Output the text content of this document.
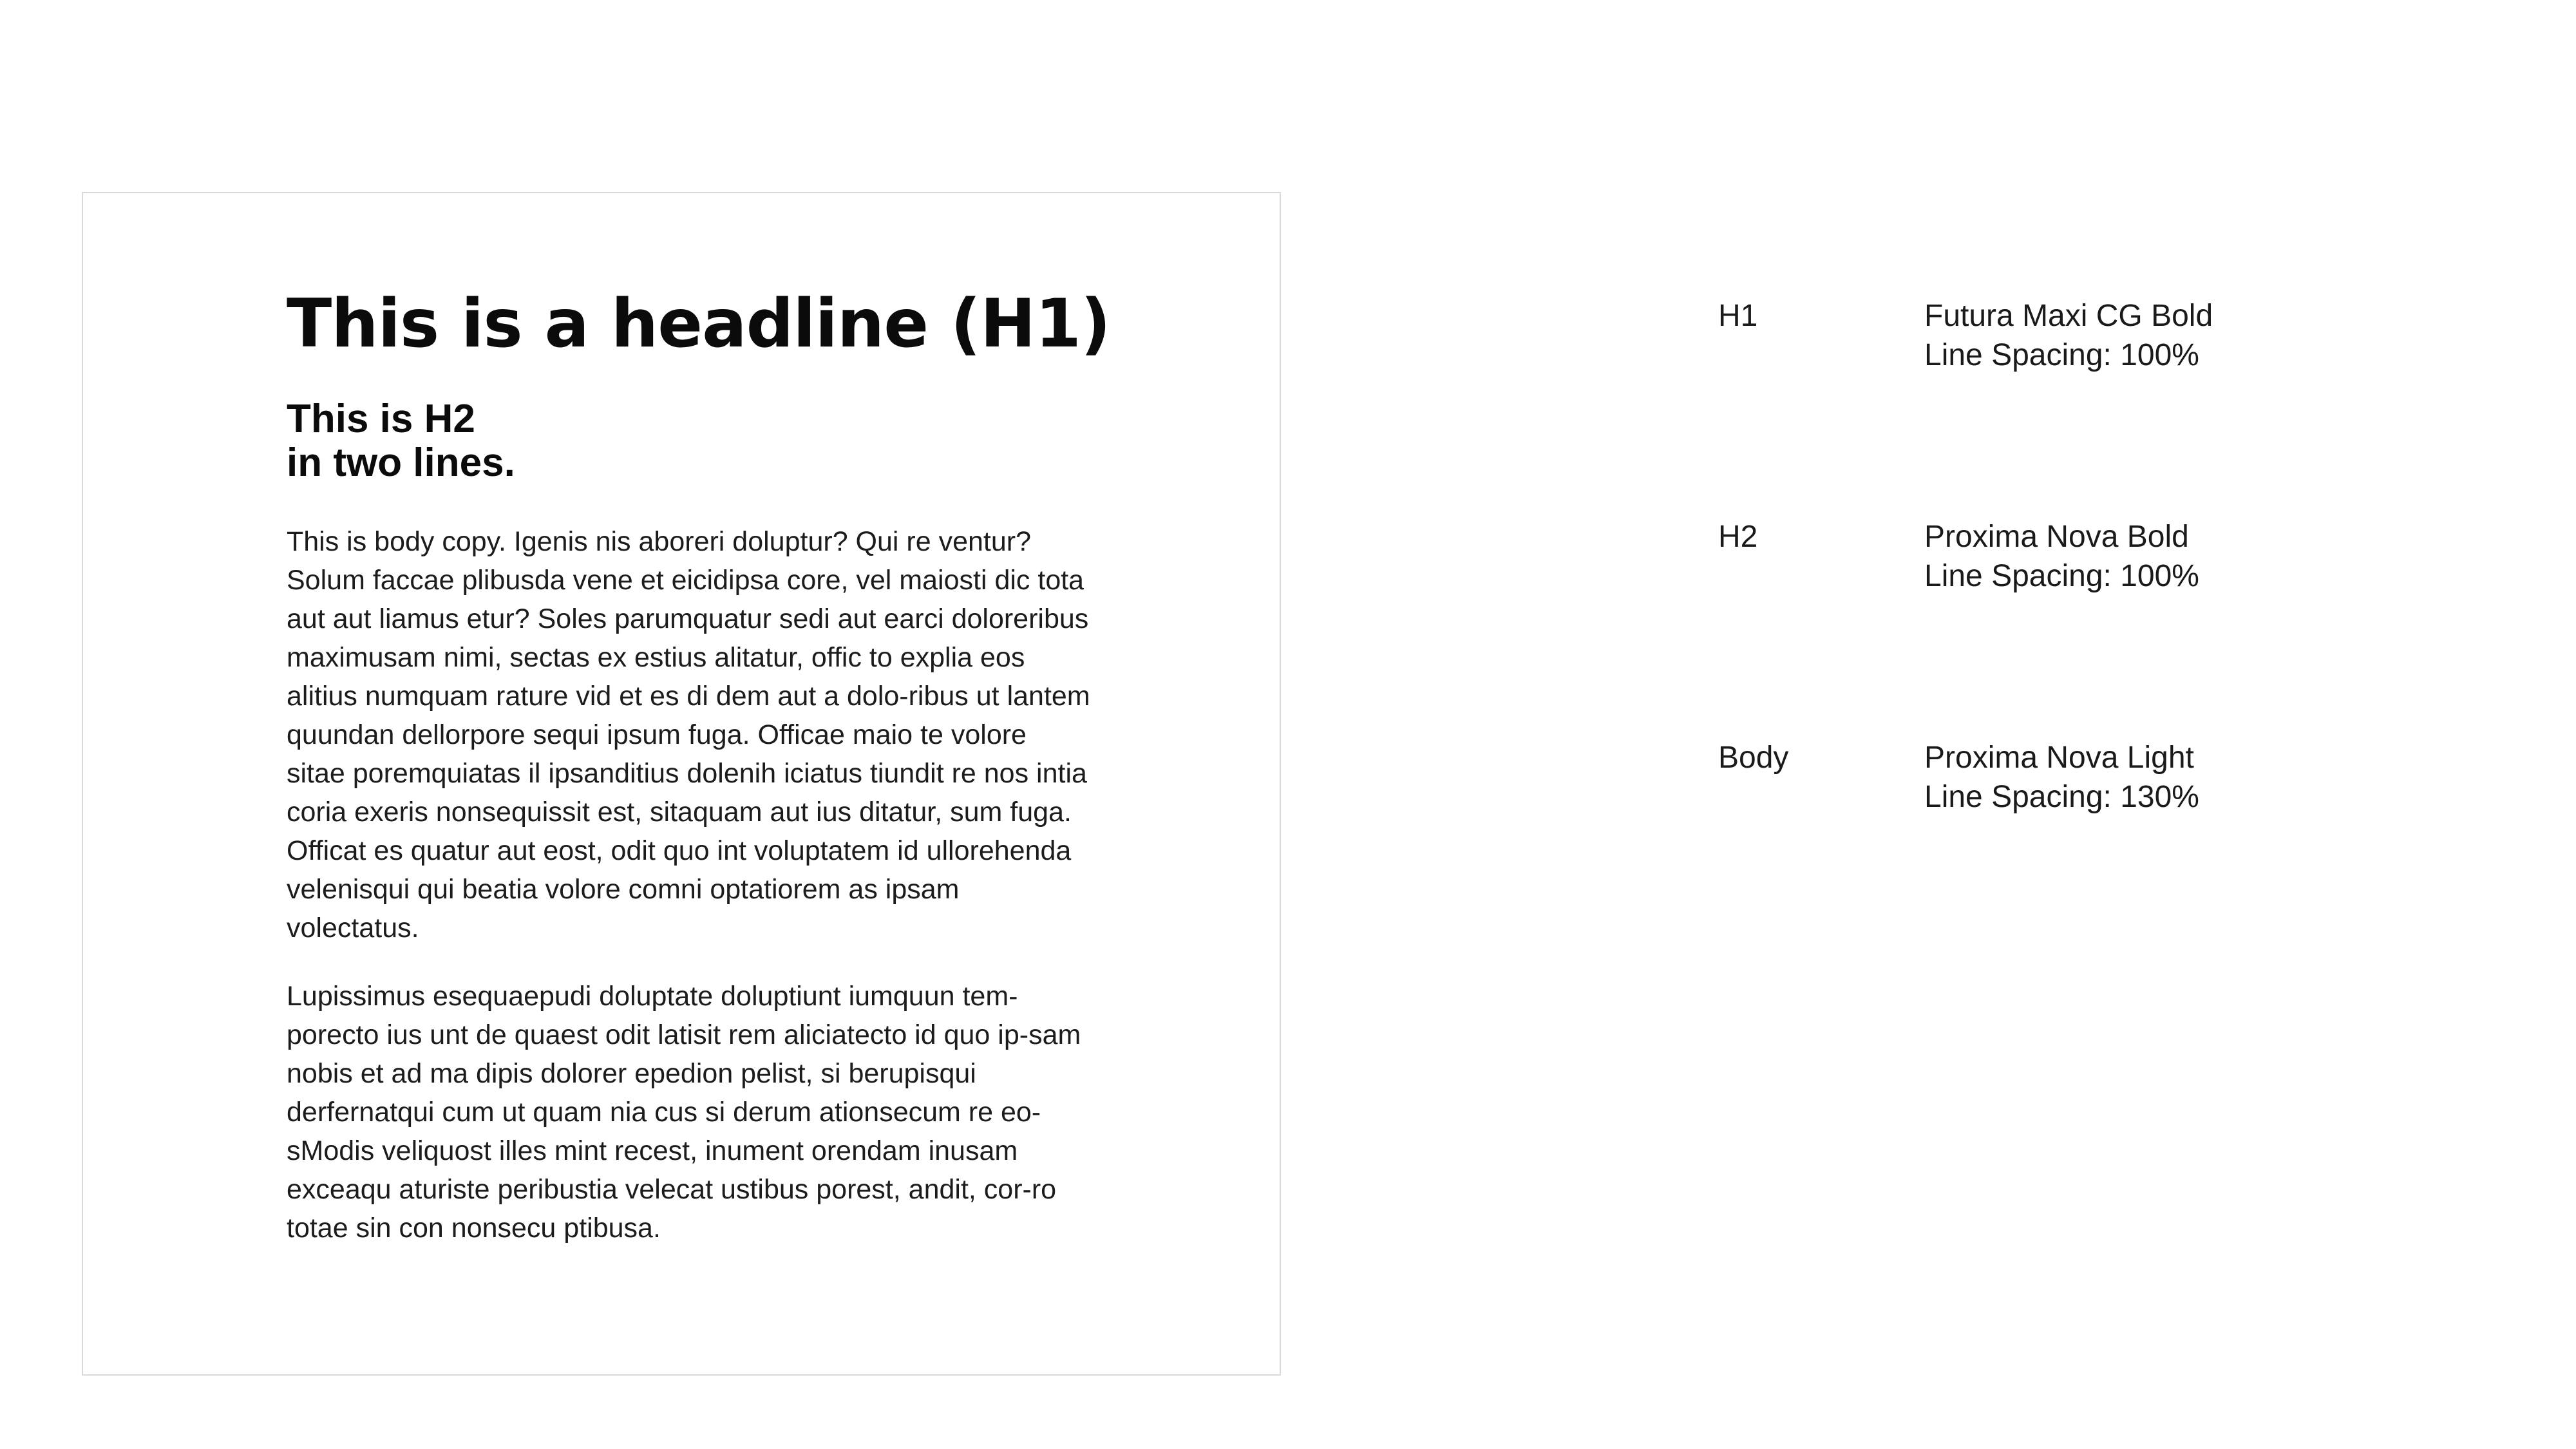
This is a headline (H1)
This is H2
in two lines.

This is body copy. Igenis nis aboreri doluptur? Qui re ventur? Solum faccae plibusda vene et eicidipsa core, vel maiosti dic tota aut aut liamus etur? Soles parumquatur sedi aut earci doloreribus maximusam nimi, sectas ex estius alitatur, offic to explia eos alitius numquam rature vid et es di dem aut a dolo-ribus ut lantem quundan dellorpore sequi ipsum fuga. Officae maio te volore sitae poremquiatas il ipsanditius dolenih iciatus tiundit re nos intia coria exeris nonsequissit est, sitaquam aut ius ditatur, sum fuga. Officat es quatur aut eost, odit quo int voluptatem id ullorehenda velenisqui qui beatia volore comni optatiorem as ipsam volectatus.

Lupissimus esequaepudi doluptate doluptiunt iumquun tem-porecto ius unt de quaest odit latisit rem aliciatecto id quo ip-sam nobis et ad ma dipis dolorer epedion pelist, si berupisqui derfernatqui cum ut quam nia cus si derum ationsecum re eo-sModis veliquost illes mint recest, inument orendam inusam exceaqu aturiste peribustia velecat ustibus porest, andit, cor-ro totae sin con nonsecu ptibusa.

H1	Futura Maxi CG Bold
Line Spacing: 100%
H2	Proxima Nova Bold
Line Spacing: 100%
Body	Proxima Nova Light
Line Spacing: 130%
